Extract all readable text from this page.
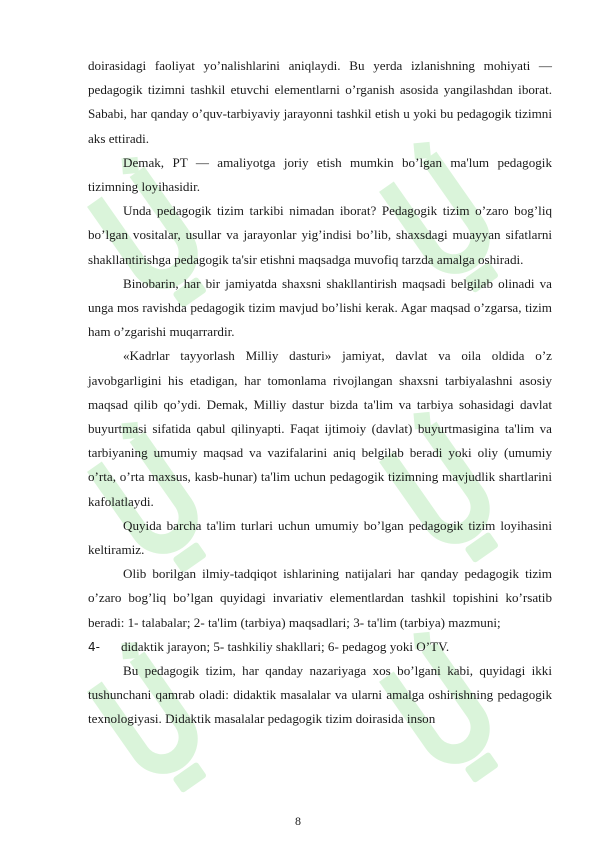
doirasidagi faoliyat yo’nalishlarini aniqlaydi. Bu yerda izlanishning mohiyati — pedagogik tizimni tashkil etuvchi elementlarni o’rganish asosida yangilashdan iborat. Sababi, har qanday o’quv-tarbiyaviy jarayonni tashkil etish u yoki bu pedagogik tizimni aks ettiradi.

Demak, PT — amaliyotga joriy etish mumkin bo’lgan ma'lum pedagogik tizimning loyihasidir.

Unda pedagogik tizim tarkibi nimadan iborat? Pedagogik tizim o’zaro bog’liq bo’lgan vositalar, usullar va jarayonlar yig’indisi bo’lib, shaxsdagi muayyan sifatlarni shakllantirishga pedagogik ta'sir etishni maqsadga muvofiq tarzda amalga oshiradi.

Binobarin, har bir jamiyatda shaxsni shakllantirish maqsadi belgilab olinadi va unga mos ravishda pedagogik tizim mavjud bo’lishi kerak. Agar maqsad o’zgarsa, tizim ham o’zgarishi muqarrardir.

«Kadrlar tayyorlash Milliy dasturi» jamiyat, davlat va oila oldida o’z javobgarligini his etadigan, har tomonlama rivojlangan shaxsni tarbiyalashni asosiy maqsad qilib qo’ydi. Demak, Milliy dastur bizda ta'lim va tarbiya sohasidagi davlat buyurtmasi sifatida qabul qilinyapti. Faqat ijtimoiy (davlat) buyurtmasigina ta'lim va tarbiyaning umumiy maqsad va vazifalarini aniq belgilab beradi yoki oliy (umumiy o’rta, o’rta maxsus, kasb-hunar) ta'lim uchun pedagogik tizimning mavjudlik shartlarini kafolatlaydi.

Quyida barcha ta'lim turlari uchun umumiy bo’lgan pedagogik tizim loyihasini keltiramiz.

Olib borilgan ilmiy-tadqiqot ishlarining natijalari har qanday pedagogik tizim o’zaro bog’liq bo’lgan quyidagi invariativ elementlardan tashkil topishini ko’rsatib beradi: 1- talabalar; 2- ta'lim (tarbiya) maqsadlari; 3- ta'lim (tarbiya) mazmuni;

4- didaktik jarayon; 5- tashkiliy shakllari; 6- pedagog yoki O’TV.

Bu pedagogik tizim, har qanday nazariyaga xos bo’lgani kabi, quyidagi ikki tushunchani qamrab oladi: didaktik masalalar va ularni amalga oshirishning pedagogik texnologiyasi. Didaktik masalalar pedagogik tizim doirasida inson

8
